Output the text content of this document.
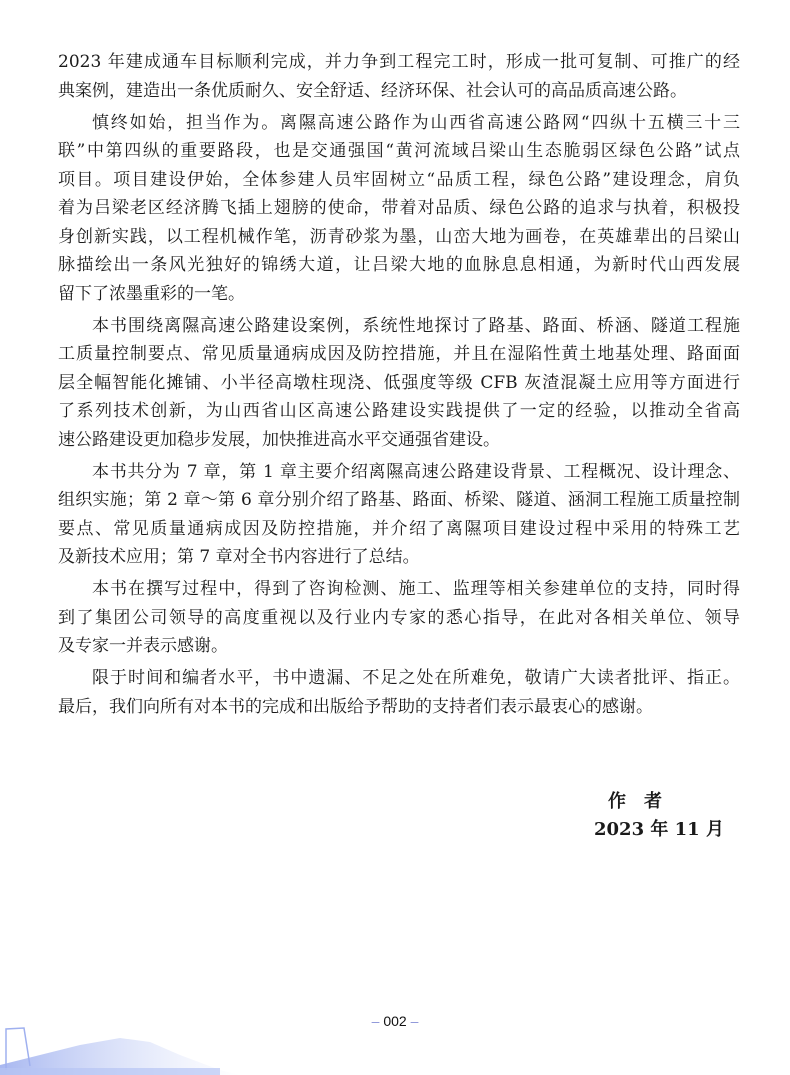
2023 年建成通车目标顺利完成，并力争到工程完工时，形成一批可复制、可推广的经
典案例，建造出一条优质耐久、安全舒适、经济环保、社会认可的高品质高速公路。
慎终如始，担当作为。离隰高速公路作为山西省高速公路网“四纵十五横三十三
联”中第四纵的重要路段，也是交通强国“黄河流域吕梁山生态脆弱区绿色公路”试点
项目。项目建设伊始，全体参建人员牢固树立“品质工程，绿色公路”建设理念，肩负
着为吕梁老区经济腾飞插上翅膀的使命，带着对品质、绿色公路的追求与执着，积极投
身创新实践，以工程机械作笔，沥青砂浆为墨，山峦大地为画卷，在英雄辈出的吕梁山
脉描绘出一条风光独好的锦绣大道，让吕梁大地的血脉息息相通，为新时代山西发展
留下了浓墨重彩的一笔。
本书围绕离隰高速公路建设案例，系统性地探讨了路基、路面、桥涵、隧道工程施
工质量控制要点、常见质量通病成因及防控措施，并且在湿陷性黄土地基处理、路面面
层全幅智能化摊铺、小半径高墩柱现浇、低强度等级 CFB 灰渣混凝土应用等方面进行
了系列技术创新，为山西省山区高速公路建设实践提供了一定的经验，以推动全省高
速公路建设更加稳步发展，加快推进高水平交通强省建设。
本书共分为 7 章，第 1 章主要介绍离隰高速公路建设背景、工程概况、设计理念、
组织实施；第 2 章～第 6 章分别介绍了路基、路面、桥梁、隧道、涵洞工程施工质量控制
要点、常见质量通病成因及防控措施，并介绍了离隰项目建设过程中采用的特殊工艺
及新技术应用；第 7 章对全书内容进行了总结。
本书在撰写过程中，得到了咨询检测、施工、监理等相关参建单位的支持，同时得
到了集团公司领导的高度重视以及行业内专家的悉心指导，在此对各相关单位、领导
及专家一并表示感谢。
限于时间和编者水平，书中遗漏、不足之处在所难免，敬请广大读者批评、指正。
最后，我们向所有对本书的完成和出版给予帮助的支持者们表示最衷心的感谢。
作者
2023 年 11 月
– 002 –
